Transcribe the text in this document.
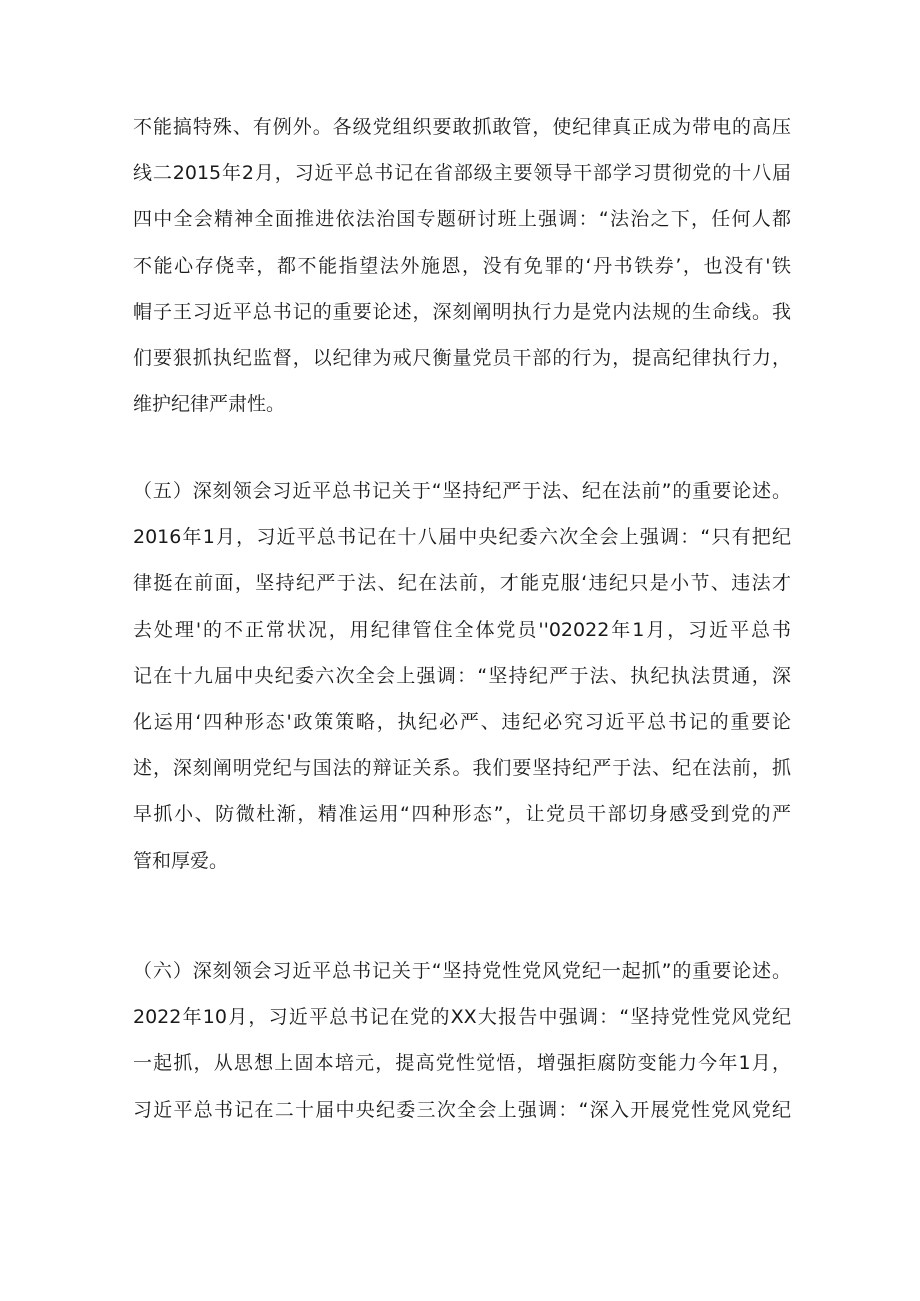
不能搞特殊、有例外。各级党组织要敢抓敢管，使纪律真正成为带电的高压
线二2015年2月，习近平总书记在省部级主要领导干部学习贯彻党的十八届
四中全会精神全面推进依法治国专题研讨班上强调：“法治之下，任何人都
不能心存侥幸，都不能指望法外施恩，没有免罪的‘丹书铁券’，也没有'铁
帽子王习近平总书记的重要论述，深刻阐明执行力是党内法规的生命线。我
们要狠抓执纪监督，以纪律为戒尺衡量党员干部的行为，提高纪律执行力，
维护纪律严肃性。
（五）深刻领会习近平总书记关于“坚持纪严于法、纪在法前”的重要论述。
2016年1月，习近平总书记在十八届中央纪委六次全会上强调：“只有把纪
律挺在前面，坚持纪严于法、纪在法前，才能克服‘违纪只是小节、违法才
去处理'的不正常状况，用纪律管住全体党员''02022年1月，习近平总书
记在十九届中央纪委六次全会上强调：“坚持纪严于法、执纪执法贯通，深
化运用‘四种形态'政策策略，执纪必严、违纪必究习近平总书记的重要论
述，深刻阐明党纪与国法的辩证关系。我们要坚持纪严于法、纪在法前，抓
早抓小、防微杜渐，精准运用“四种形态”，让党员干部切身感受到党的严
管和厚爱。
（六）深刻领会习近平总书记关于“坚持党性党风党纪一起抓”的重要论述。
2022年10月，习近平总书记在党的XX大报告中强调：“坚持党性党风党纪
一起抓，从思想上固本培元，提高党性觉悟，增强拒腐防变能力今年1月，
习近平总书记在二十届中央纪委三次全会上强调：“深入开展党性党风党纪
